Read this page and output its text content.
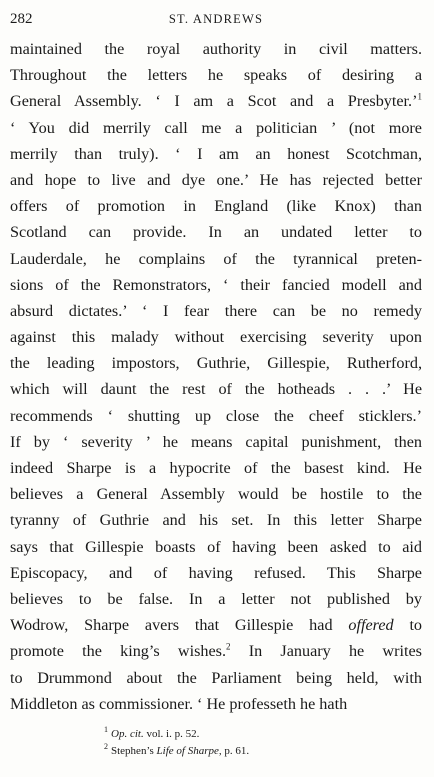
282	ST. ANDREWS
maintained the royal authority in civil matters.
Throughout the letters he speaks of desiring a
General Assembly. ‘ I am a Scot and a Presbyter.’$^1$
‘ You did merrily call me a politician ’ (not more
merrily than truly). ‘ I am an honest Scotchman,
and hope to live and dye one.’ He has rejected better
offers of promotion in England (like Knox) than
Scotland can provide. In an undated letter to
Lauderdale, he complains of the tyrannical preten-
sions of the Remonstrators, ‘ their fancied modell and
absurd dictates.’ ‘ I fear there can be no remedy
against this malady without exercising severity upon
the leading impostors, Guthrie, Gillespie, Rutherford,
which will daunt the rest of the hotheads . . .’ He
recommends ‘ shutting up close the cheef sticklers.’
If by ‘ severity ’ he means capital punishment, then
indeed Sharpe is a hypocrite of the basest kind. He
believes a General Assembly would be hostile to the
tyranny of Guthrie and his set. In this letter Sharpe
says that Gillespie boasts of having been asked to aid
Episcopacy, and of having refused. This Sharpe
believes to be false. In a letter not published by
Wodrow, Sharpe avers that Gillespie had offered to
promote the king’s wishes.$^2$ In January he writes
to Drummond about the Parliament being held, with
Middleton as commissioner. ‘ He professeth he hath
$^1$ Op. cit. vol. i. p. 52.
$^2$ Stephen’s Life of Sharpe, p. 61.
